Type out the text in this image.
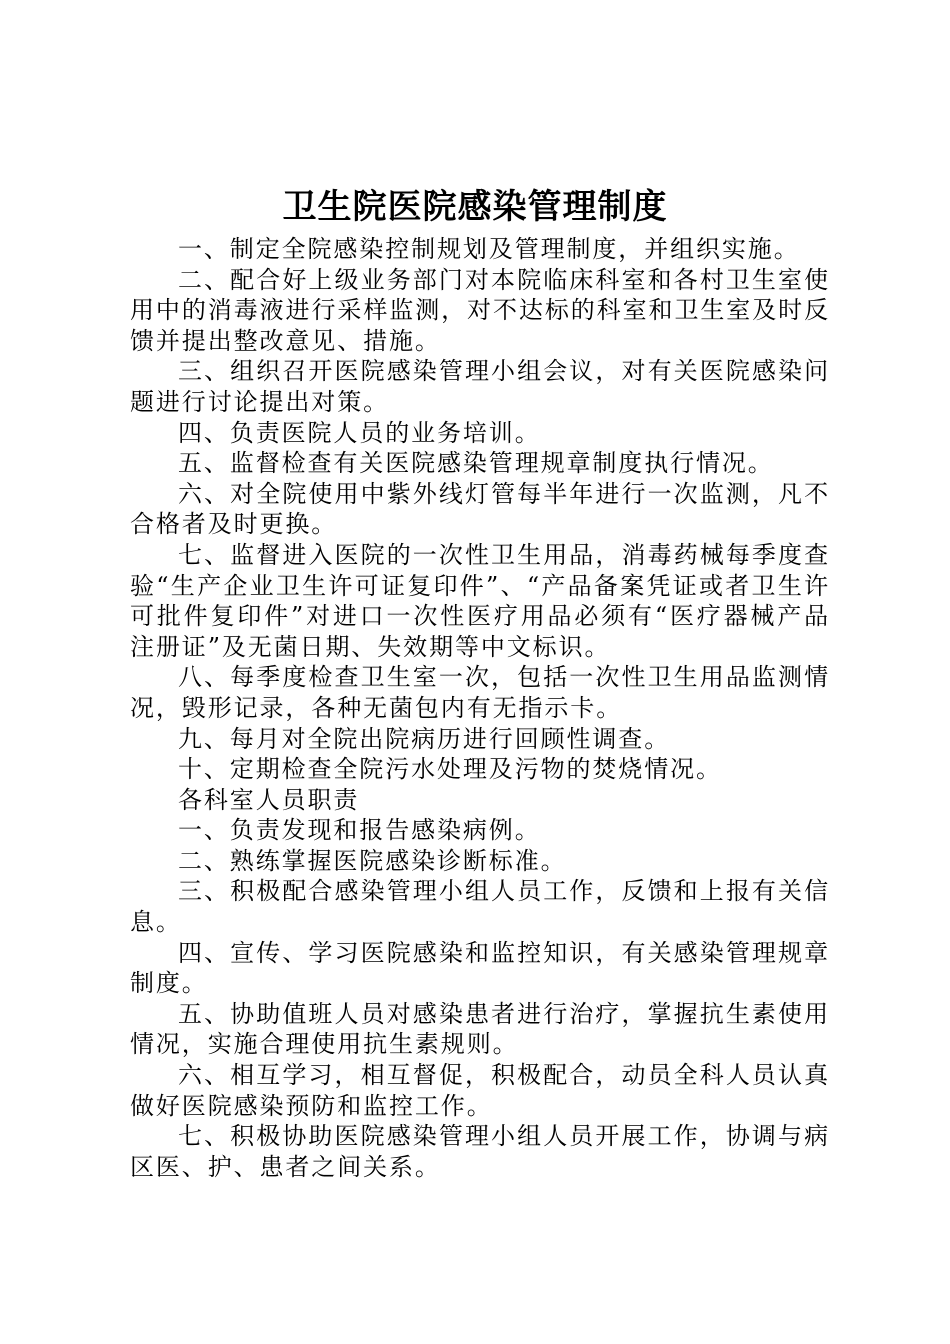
卫生院医院感染管理制度

一、制定全院感染控制规划及管理制度，并组织实施。

二、配合好上级业务部门对本院临床科室和各村卫生室使用中的消毒液进行采样监测，对不达标的科室和卫生室及时反馈并提出整改意见、措施。

三、组织召开医院感染管理小组会议，对有关医院感染问题进行讨论提出对策。

四、负责医院人员的业务培训。

五、监督检查有关医院感染管理规章制度执行情况。

六、对全院使用中紫外线灯管每半年进行一次监测，凡不合格者及时更换。

七、监督进入医院的一次性卫生用品，消毒药械每季度查验“生产企业卫生许可证复印件”、“产品备案凭证或者卫生许可批件复印件”对进口一次性医疗用品必须有“医疗器械产品注册证”及无菌日期、失效期等中文标识。

八、每季度检查卫生室一次，包括一次性卫生用品监测情况，毁形记录，各种无菌包内有无指示卡。

九、每月对全院出院病历进行回顾性调查。

十、定期检查全院污水处理及污物的焚烧情况。

各科室人员职责

一、负责发现和报告感染病例。

二、熟练掌握医院感染诊断标准。

三、积极配合感染管理小组人员工作，反馈和上报有关信息。

四、宣传、学习医院感染和监控知识，有关感染管理规章制度。

五、协助值班人员对感染患者进行治疗，掌握抗生素使用情况，实施合理使用抗生素规则。

六、相互学习，相互督促，积极配合，动员全科人员认真做好医院感染预防和监控工作。

七、积极协助医院感染管理小组人员开展工作，协调与病区医、护、患者之间关系。
